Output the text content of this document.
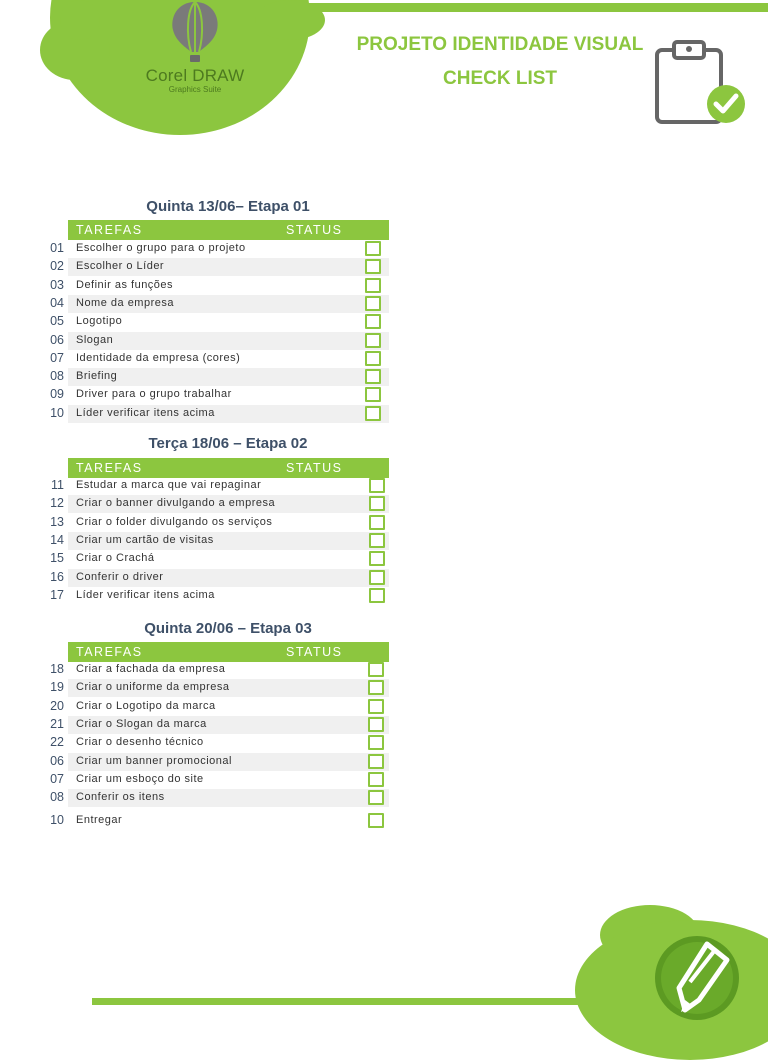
Corel DRAW
Graphics Suite
PROJETO IDENTIDADE VISUAL
CHECK LIST
Quinta 13/06– Etapa 01
TAREFAS	STATUS
01 Escolher o grupo para o projeto
02 Escolher o Líder
03 Definir as funções
04 Nome da empresa
05 Logotipo
06 Slogan
07 Identidade da empresa (cores)
08 Briefing
09 Driver para o grupo trabalhar
10 Líder verificar itens acima
Terça 18/06 – Etapa 02
TAREFAS	STATUS
11 Estudar a marca que vai repaginar
12 Criar o banner divulgando a empresa
13 Criar o folder divulgando os serviços
14 Criar um cartão de visitas
15 Criar o Crachá
16 Conferir o driver
17 Líder verificar itens acima
Quinta 20/06 – Etapa 03
TAREFAS	STATUS
18 Criar a fachada da empresa
19 Criar o uniforme da empresa
20 Criar o Logotipo da marca
21 Criar o Slogan da marca
22 Criar o desenho técnico
06 Criar um banner promocional
07 Criar um esboço do site
08 Conferir os itens
10 Entregar
